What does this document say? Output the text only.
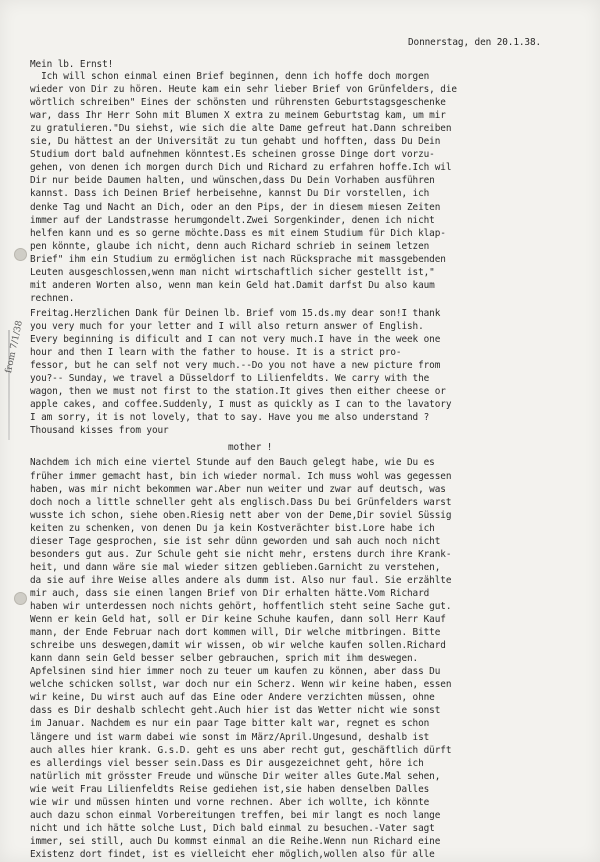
from 7/1/38
Donnerstag, den 20.1.38.
Mein lb. Ernst!
Ich will schon einmal einen Brief beginnen, denn ich hoffe doch morgen
wieder von Dir zu hören. Heute kam ein sehr lieber Brief von Grünfelders, die
wörtlich schreiben" Eines der schönsten und rührensten Geburtstagsgeschenke
war, dass Ihr Herr Sohn mit Blumen X extra zu meinem Geburtstag kam, um mir
zu gratulieren."Du siehst, wie sich die alte Dame gefreut hat.Dann schreiben
sie, Du hättest an der Universität zu tun gehabt und hofften, dass Du Dein
Studium dort bald aufnehmen könntest.Es scheinen grosse Dinge dort vorzu-
gehen, von denen ich morgen durch Dich und Richard zu erfahren hoffe.Ich wil
Dir nur beide Daumen halten, und wünschen,dass Du Dein Vorhaben ausführen
kannst. Dass ich Deinen Brief herbeisehne, kannst Du Dir vorstellen, ich
denke Tag und Nacht an Dich, oder an den Pips, der in diesem miesen Zeiten
immer auf der Landstrasse herumgondelt.Zwei Sorgenkinder, denen ich nicht
helfen kann und es so gerne möchte.Dass es mit einem Studium für Dich klap-
pen könnte, glaube ich nicht, denn auch Richard schrieb in seinem letzen
Brief" ihm ein Studium zu ermöglichen ist nach Rücksprache mit massgebenden
Leuten ausgeschlossen,wenn man nicht wirtschaftlich sicher gestellt ist,"
mit anderen Worten also, wenn man kein Geld hat.Damit darfst Du also kaum
rechnen.
Freitag.Herzlichen Dank für Deinen lb. Brief vom 15.ds.my dear son!I thank
you very much for your letter and I will also return answer of English.
Every beginning is dificult and I can not very much.I have in the week one
hour and then I learn with the father to house. It is a strict pro-
fessor, but he can self not very much.--Do you not have a new picture from
you?-- Sunday, we travel a Düsseldorf to Lilienfeldts. We carry with the
wagon, then we must not first to the station.It gives then either cheese or
apple cakes, and coffee.Suddenly, I must as quickly as I can to the lavatory
I am sorry, it is not lovely, that to say. Have you me also understand ?
Thousand kisses from your
mother !
Nachdem ich mich eine viertel Stunde auf den Bauch gelegt habe, wie Du es
früher immer gemacht hast, bin ich wieder normal. Ich muss wohl was gegessen
haben, was mir nicht bekommen war.Aber nun weiter und zwar auf deutsch, was
doch noch a little schneller geht als englisch.Dass Du bei Grünfelders warst
wusste ich schon, siehe oben.Riesig nett aber von der Deme,Dir soviel Süssig
keiten zu schenken, von denen Du ja kein Kostverächter bist.Lore habe ich
dieser Tage gesprochen, sie ist sehr dünn geworden und sah auch noch nicht
besonders gut aus. Zur Schule geht sie nicht mehr, erstens durch ihre Krank-
heit, und dann wäre sie mal wieder sitzen geblieben.Garnicht zu verstehen,
da sie auf ihre Weise alles andere als dumm ist. Also nur faul. Sie erzählte
mir auch, dass sie einen langen Brief von Dir erhalten hätte.Vom Richard
haben wir unterdessen noch nichts gehört, hoffentlich steht seine Sache gut.
Wenn er kein Geld hat, soll er Dir keine Schuhe kaufen, dann soll Herr Kauf
mann, der Ende Februar nach dort kommen will, Dir welche mitbringen. Bitte
schreibe uns deswegen,damit wir wissen, ob wir welche kaufen sollen.Richard
kann dann sein Geld besser selber gebrauchen, sprich mit ihm deswegen.
Apfelsinen sind hier immer noch zu teuer um kaufen zu können, aber dass Du
welche schicken sollst, war doch nur ein Scherz. Wenn wir keine haben, essen
wir keine, Du wirst auch auf das Eine oder Andere verzichten müssen, ohne
dass es Dir deshalb schlecht geht.Auch hier ist das Wetter nicht wie sonst
im Januar. Nachdem es nur ein paar Tage bitter kalt war, regnet es schon
längere und ist warm dabei wie sonst im März/April.Ungesund, deshalb ist
auch alles hier krank. G.s.D. geht es uns aber recht gut, geschäftlich dürft
es allerdings viel besser sein.Dass es Dir ausgezeichnet geht, höre ich
natürlich mit grösster Freude und wünsche Dir weiter alles Gute.Mal sehen,
wie weit Frau Lilienfeldts Reise gediehen ist,sie haben denselben Dalles
wie wir und müssen hinten und vorne rechnen. Aber ich wollte, ich könnte
auch dazu schon einmal Vorbereitungen treffen, bei mir langt es noch lange
nicht und ich hätte solche Lust, Dich bald einmal zu besuchen.-Vater sagt
immer, sei still, auch Du kommst einmal an die Reihe.Wenn nun Richard eine
Existenz dort findet, ist es vielleicht eher möglich,wollen also für alle
